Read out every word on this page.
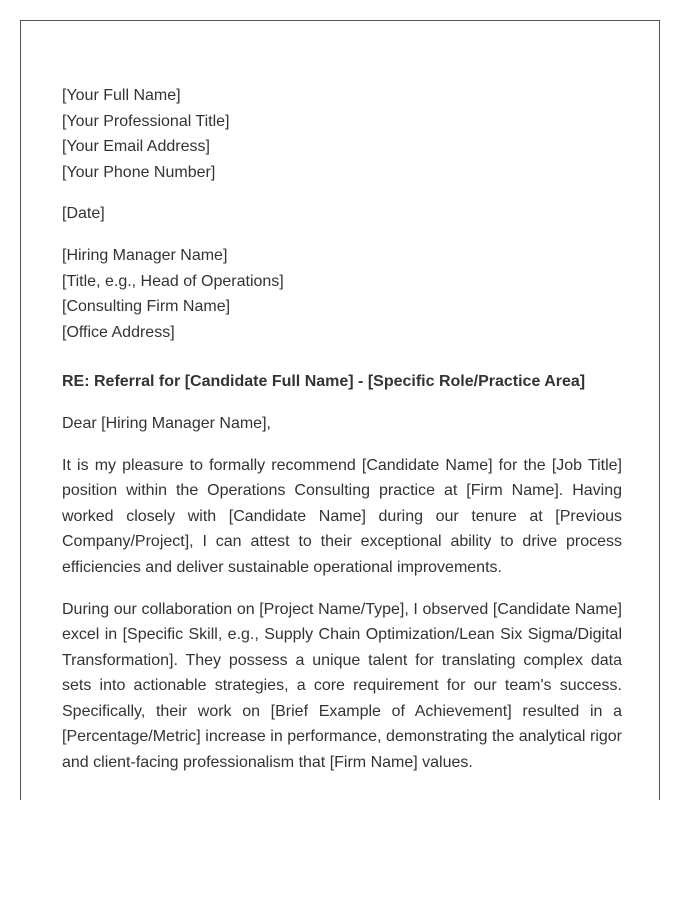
[Your Full Name]
[Your Professional Title]
[Your Email Address]
[Your Phone Number]
[Date]
[Hiring Manager Name]
[Title, e.g., Head of Operations]
[Consulting Firm Name]
[Office Address]
RE: Referral for [Candidate Full Name] - [Specific Role/Practice Area]
Dear [Hiring Manager Name],

It is my pleasure to formally recommend [Candidate Name] for the [Job Title] position within the Operations Consulting practice at [Firm Name]. Having worked closely with [Candidate Name] during our tenure at [Previous Company/Project], I can attest to their exceptional ability to drive process efficiencies and deliver sustainable operational improvements.

During our collaboration on [Project Name/Type], I observed [Candidate Name] excel in [Specific Skill, e.g., Supply Chain Optimization/Lean Six Sigma/Digital Transformation]. They possess a unique talent for translating complex data sets into actionable strategies, a core requirement for our team's success. Specifically, their work on [Brief Example of Achievement] resulted in a [Percentage/Metric] increase in performance, demonstrating the analytical rigor and client-facing professionalism that [Firm Name] values.
